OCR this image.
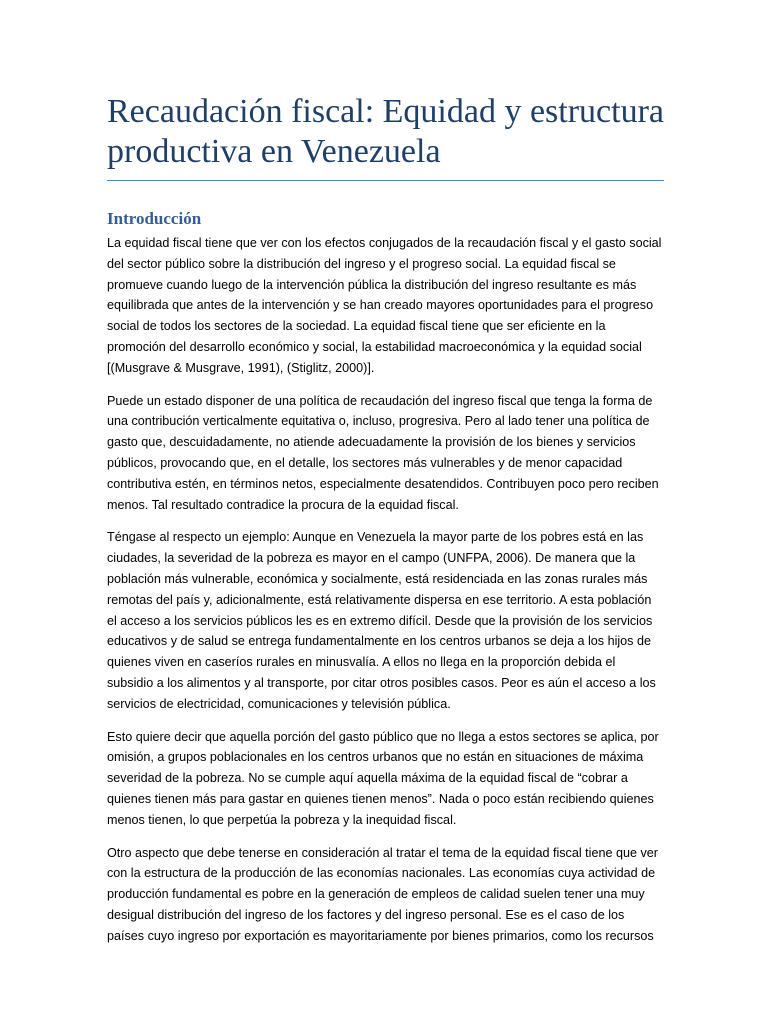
Recaudación fiscal: Equidad y estructura productiva en Venezuela
Introducción

La equidad fiscal tiene que ver con los efectos conjugados de la recaudación fiscal y el gasto social del sector público sobre la distribución del ingreso y el progreso social. La equidad fiscal se promueve cuando luego de la intervención pública la distribución del ingreso resultante es más equilibrada que antes de la intervención y se han creado mayores oportunidades para el progreso social de todos los sectores de la sociedad. La equidad fiscal tiene que ser eficiente en la promoción del desarrollo económico y social, la estabilidad macroeconómica y la equidad social [(Musgrave & Musgrave, 1991), (Stiglitz, 2000)].

Puede un estado disponer de una política de recaudación del ingreso fiscal que tenga la forma de una contribución verticalmente equitativa o, incluso, progresiva. Pero al lado tener una política de gasto que, descuidadamente, no atiende adecuadamente la provisión de los bienes y servicios públicos, provocando que, en el detalle, los sectores más vulnerables y de menor capacidad contributiva estén, en términos netos, especialmente desatendidos. Contribuyen poco pero reciben menos. Tal resultado contradice la procura de la equidad fiscal.

Téngase al respecto un ejemplo: Aunque en Venezuela la mayor parte de los pobres está en las ciudades, la severidad de la pobreza es mayor en el campo (UNFPA, 2006). De manera que la población más vulnerable, económica y socialmente, está residenciada en las zonas rurales más remotas del país y, adicionalmente, está relativamente dispersa en ese territorio. A esta población el acceso a los servicios públicos les es en extremo difícil. Desde que la provisión de los servicios educativos y de salud se entrega fundamentalmente en los centros urbanos se deja a los hijos de quienes viven en caseríos rurales en minusvalía. A ellos no llega en la proporción debida el subsidio a los alimentos y al transporte, por citar otros posibles casos. Peor es aún el acceso a los servicios de electricidad, comunicaciones y televisión pública.

Esto quiere decir que aquella porción del gasto público que no llega a estos sectores se aplica, por omisión, a grupos poblacionales en los centros urbanos que no están en situaciones de máxima severidad de la pobreza. No se cumple aquí aquella máxima de la equidad fiscal de “cobrar a quienes tienen más para gastar en quienes tienen menos”. Nada o poco están recibiendo quienes menos tienen, lo que perpetúa la pobreza y la inequidad fiscal.

Otro aspecto que debe tenerse en consideración al tratar el tema de la equidad fiscal tiene que ver con la estructura de la producción de las economías nacionales. Las economías cuya actividad de producción fundamental es pobre en la generación de empleos de calidad suelen tener una muy desigual distribución del ingreso de los factores y del ingreso personal. Ese es el caso de los países cuyo ingreso por exportación es mayoritariamente por bienes primarios, como los recursos
